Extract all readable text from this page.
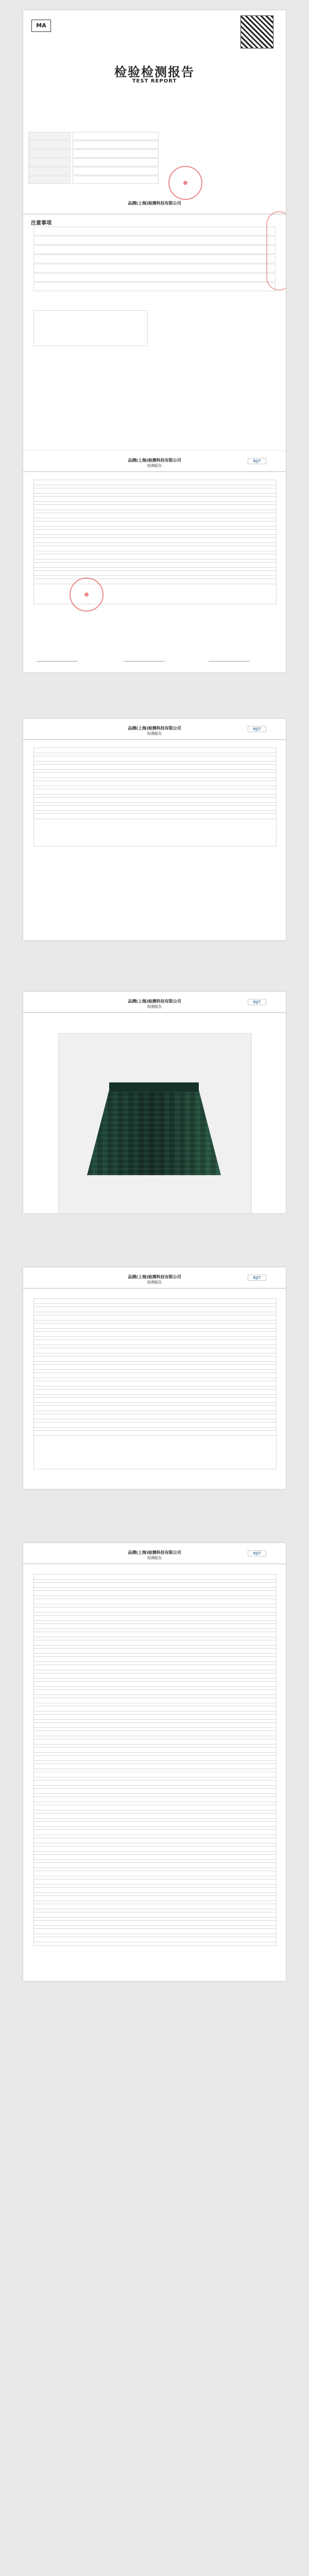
MA
检验检测报告
TEST REPORT
品测(上海)检测科技有限公司
注意事项
品测(上海)检测科技有限公司
检测报告
BJJT
品测(上海)检测科技有限公司
检测报告
BJJT
品测(上海)检测科技有限公司
检测报告
BJJT
品测(上海)检测科技有限公司
检测报告
BJJT
品测(上海)检测科技有限公司
检测报告
BJJT
